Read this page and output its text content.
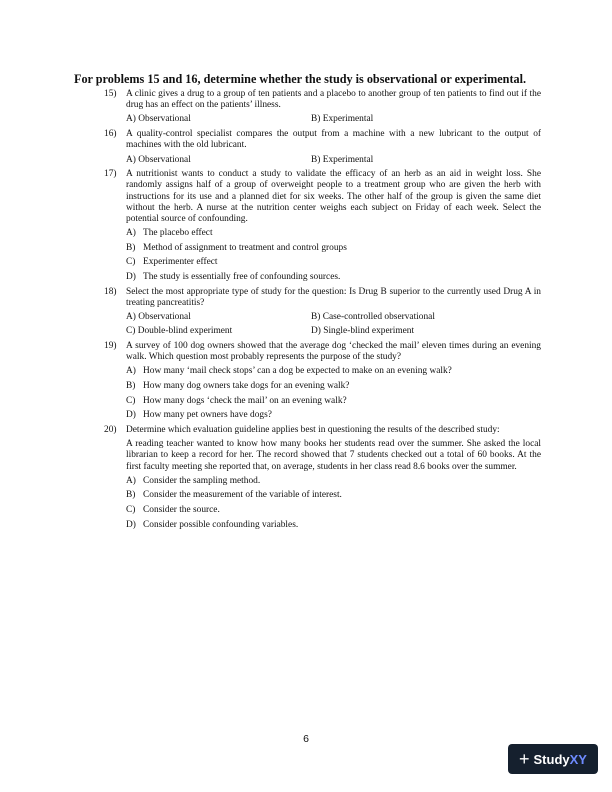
For problems 15 and 16, determine whether the study is observational or experimental.
15) A clinic gives a drug to a group of ten patients and a placebo to another group of ten patients to find out if the drug has an effect on the patients’ illness.
A) Observational	B) Experimental
16) A quality-control specialist compares the output from a machine with a new lubricant to the output of machines with the old lubricant.
A) Observational	B) Experimental
17) A nutritionist wants to conduct a study to validate the efficacy of an herb as an aid in weight loss. She randomly assigns half of a group of overweight people to a treatment group who are given the herb with instructions for its use and a planned diet for six weeks. The other half of the group is given the same diet without the herb. A nurse at the nutrition center weighs each subject on Friday of each week. Select the potential source of confounding.
A) The placebo effect
B) Method of assignment to treatment and control groups
C) Experimenter effect
D) The study is essentially free of confounding sources.
18) Select the most appropriate type of study for the question: Is Drug B superior to the currently used Drug A in treating pancreatitis?
A) Observational	B) Case-controlled observational
C) Double-blind experiment	D) Single-blind experiment
19) A survey of 100 dog owners showed that the average dog ‘checked the mail’ eleven times during an evening walk. Which question most probably represents the purpose of the study?
A) How many ‘mail check stops’ can a dog be expected to make on an evening walk?
B) How many dog owners take dogs for an evening walk?
C) How many dogs ‘check the mail’ on an evening walk?
D) How many pet owners have dogs?
20) Determine which evaluation guideline applies best in questioning the results of the described study:
A reading teacher wanted to know how many books her students read over the summer. She asked the local librarian to keep a record for her. The record showed that 7 students checked out a total of 60 books. At the first faculty meeting she reported that, on average, students in her class read 8.6 books over the summer.
A) Consider the sampling method.
B) Consider the measurement of the variable of interest.
C) Consider the source.
D) Consider possible confounding variables.
6
+ Study XY
